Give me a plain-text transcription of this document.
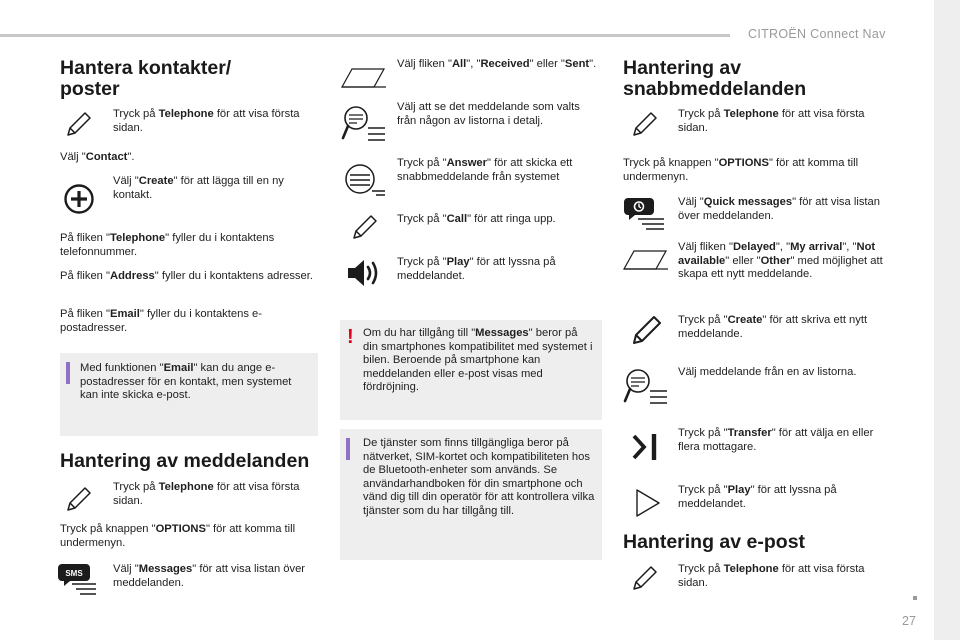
CITROËN Connect Nav
27
Hantera kontakter/ poster
Tryck på Telephone för att visa första sidan.
Välj "Contact".
Välj "Create" för att lägga till en ny kontakt.
På fliken "Telephone" fyller du i kontaktens telefonnummer.
På fliken "Address" fyller du i kontaktens adresser.
På fliken "Email" fyller du i kontaktens e-postadresser.
Med funktionen "Email" kan du ange e-postadresser för en kontakt, men systemet kan inte skicka e-post.
Hantering av meddelanden
Tryck på Telephone för att visa första sidan.
Tryck på knappen "OPTIONS" för att komma till undermenyn.
SMS	Välj "Messages" för att visa listan över meddelanden.
Välj fliken "All", "Received" eller "Sent".
Välj att se det meddelande som valts från någon av listorna i detalj.
Tryck på "Answer" för att skicka ett snabbmeddelande från systemet
Tryck på "Call" för att ringa upp.
Tryck på "Play" för att lyssna på meddelandet.
! Om du har tillgång till "Messages" beror på din smartphones kompatibilitet med systemet i bilen. Beroende på smartphone kan meddelanden eller e-post visas med fördröjning.
De tjänster som finns tillgängliga beror på nätverket, SIM-kortet och kompatibiliteten hos de Bluetooth-enheter som används. Se användarhandboken för din smartphone och vänd dig till din operatör för att kontrollera vilka tjänster som du har tillgång till.
Hantering av snabbmeddelanden
Tryck på Telephone för att visa första sidan.
Tryck på knappen "OPTIONS" för att komma till undermenyn.
Välj "Quick messages" för att visa listan över meddelanden.
Välj fliken "Delayed", "My arrival", "Not available" eller "Other" med möjlighet att skapa ett nytt meddelande.
Tryck på "Create" för att skriva ett nytt meddelande.
Välj meddelande från en av listorna.
Tryck på "Transfer" för att välja en eller flera mottagare.
Tryck på "Play" för att lyssna på meddelandet.
Hantering av e-post
Tryck på Telephone för att visa första sidan.
